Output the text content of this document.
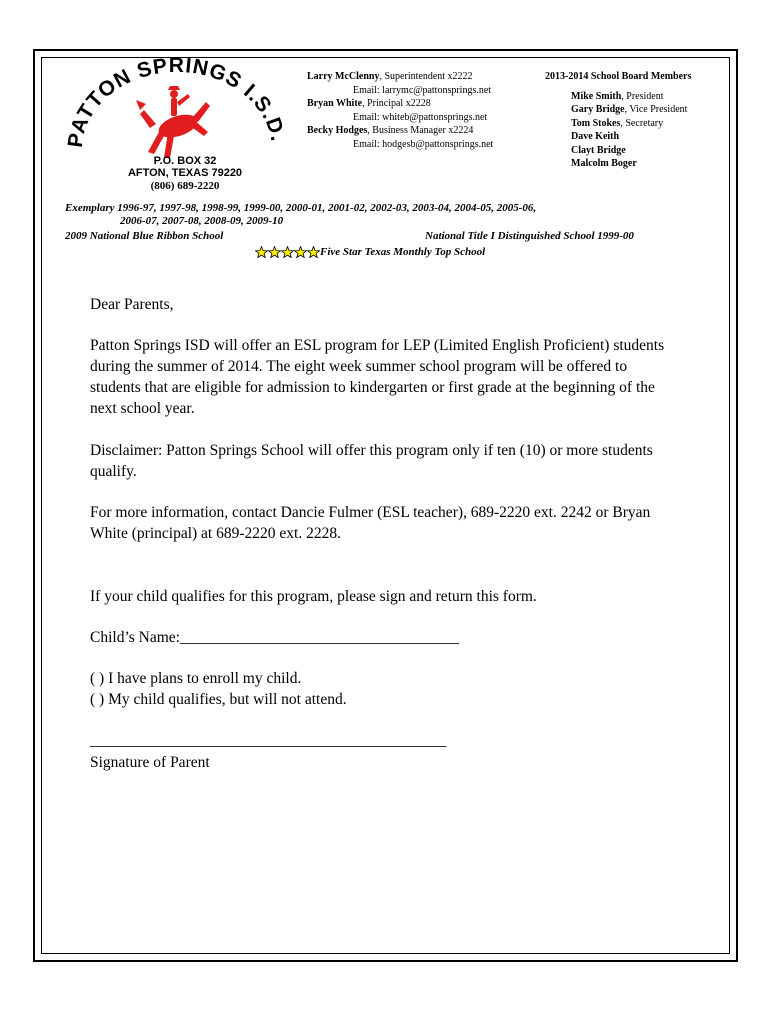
PATTON SPRINGS I.S.D.
P.O. BOX 32
AFTON, TEXAS 79220
(806) 689-2220
Larry McClenny, Superintendent x2222
Email: larrymc@pattonsprings.net
Bryan White, Principal x2228
Email: whiteb@pattonsprings.net
Becky Hodges, Business Manager x2224
Email: hodgesb@pattonsprings.net
2013-2014 School Board Members
Mike Smith, President
Gary Bridge, Vice President
Tom Stokes, Secretary
Dave Keith
Clayt Bridge
Malcolm Boger
Exemplary 1996-97, 1997-98, 1998-99, 1999-00, 2000-01, 2001-02, 2002-03, 2003-04, 2004-05, 2005-06,
2006-07, 2007-08, 2008-09, 2009-10
2009 National Blue Ribbon School	National Title I Distinguished School 1999-00
Five Star Texas Monthly Top School
Dear Parents,
Patton Springs ISD will offer an ESL program for LEP (Limited English Proficient) students during the summer of 2014. The eight week summer school program will be offered to students that are eligible for admission to kindergarten or first grade at the beginning of the next school year.
Disclaimer: Patton Springs School will offer this program only if ten (10) or more students qualify.
For more information, contact Dancie Fulmer (ESL teacher), 689-2220 ext. 2242 or Bryan White (principal) at 689-2220 ext. 2228.
If your child qualifies for this program, please sign and return this form.
Child’s Name:____________________________________
( ) I have plans to enroll my child.
( ) My child qualifies, but will not attend.
______________________________________________
Signature of Parent
